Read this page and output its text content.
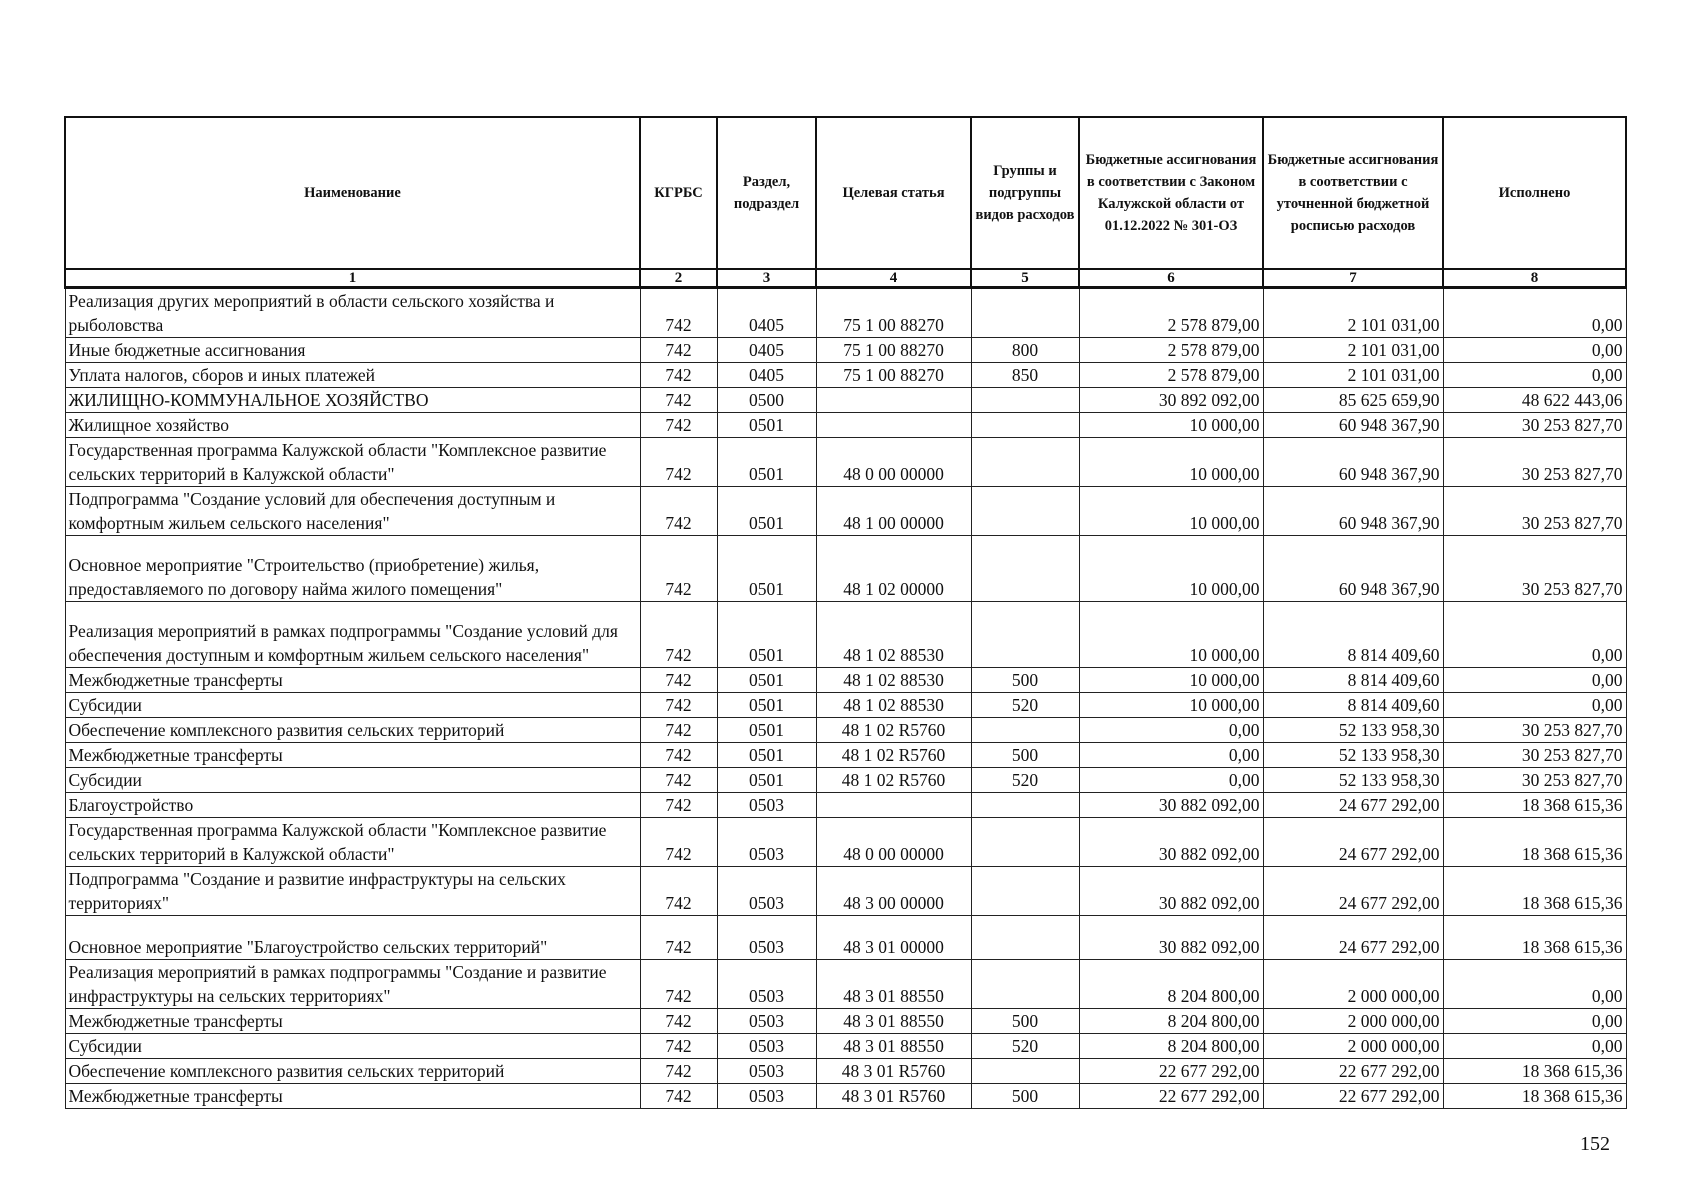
Наименование	КГРБС	Раздел, подраздел	Целевая статья	Группы и подгруппы видов расходов	Бюджетные ассигнования в соответствии с Законом Калужской области от 01.12.2022 № 301-ОЗ	Бюджетные ассигнования в соответствии с уточненной бюджетной росписью расходов	Исполнено
1	2	3	4	5	6	7	8
Реализация других мероприятий в области сельского хозяйства и рыболовства	742	0405	75 1 00 88270		2 578 879,00	2 101 031,00	0,00
Иные бюджетные ассигнования	742	0405	75 1 00 88270	800	2 578 879,00	2 101 031,00	0,00
Уплата налогов, сборов и иных платежей	742	0405	75 1 00 88270	850	2 578 879,00	2 101 031,00	0,00
ЖИЛИЩНО-КОММУНАЛЬНОЕ ХОЗЯЙСТВО	742	0500			30 892 092,00	85 625 659,90	48 622 443,06
Жилищное хозяйство	742	0501			10 000,00	60 948 367,90	30 253 827,70
Государственная программа Калужской области "Комплексное развитие сельских территорий в Калужской области"	742	0501	48 0 00 00000		10 000,00	60 948 367,90	30 253 827,70
Подпрограмма "Создание условий для обеспечения доступным и комфортным жильем сельского населения"	742	0501	48 1 00 00000		10 000,00	60 948 367,90	30 253 827,70
Основное мероприятие "Строительство (приобретение) жилья, предоставляемого по договору найма жилого помещения"	742	0501	48 1 02 00000		10 000,00	60 948 367,90	30 253 827,70
Реализация мероприятий в рамках подпрограммы "Создание условий для обеспечения доступным и комфортным жильем сельского населения"	742	0501	48 1 02 88530		10 000,00	8 814 409,60	0,00
Межбюджетные трансферты	742	0501	48 1 02 88530	500	10 000,00	8 814 409,60	0,00
Субсидии	742	0501	48 1 02 88530	520	10 000,00	8 814 409,60	0,00
Обеспечение комплексного развития сельских территорий	742	0501	48 1 02 R5760		0,00	52 133 958,30	30 253 827,70
Межбюджетные трансферты	742	0501	48 1 02 R5760	500	0,00	52 133 958,30	30 253 827,70
Субсидии	742	0501	48 1 02 R5760	520	0,00	52 133 958,30	30 253 827,70
Благоустройство	742	0503			30 882 092,00	24 677 292,00	18 368 615,36
Государственная программа Калужской области "Комплексное развитие сельских территорий в Калужской области"	742	0503	48 0 00 00000		30 882 092,00	24 677 292,00	18 368 615,36
Подпрограмма "Создание и развитие инфраструктуры на сельских территориях"	742	0503	48 3 00 00000		30 882 092,00	24 677 292,00	18 368 615,36
Основное мероприятие "Благоустройство сельских территорий"	742	0503	48 3 01 00000		30 882 092,00	24 677 292,00	18 368 615,36
Реализация мероприятий в рамках подпрограммы "Создание и развитие инфраструктуры на сельских территориях"	742	0503	48 3 01 88550		8 204 800,00	2 000 000,00	0,00
Межбюджетные трансферты	742	0503	48 3 01 88550	500	8 204 800,00	2 000 000,00	0,00
Субсидии	742	0503	48 3 01 88550	520	8 204 800,00	2 000 000,00	0,00
Обеспечение комплексного развития сельских территорий	742	0503	48 3 01 R5760		22 677 292,00	22 677 292,00	18 368 615,36
Межбюджетные трансферты	742	0503	48 3 01 R5760	500	22 677 292,00	22 677 292,00	18 368 615,36
152
